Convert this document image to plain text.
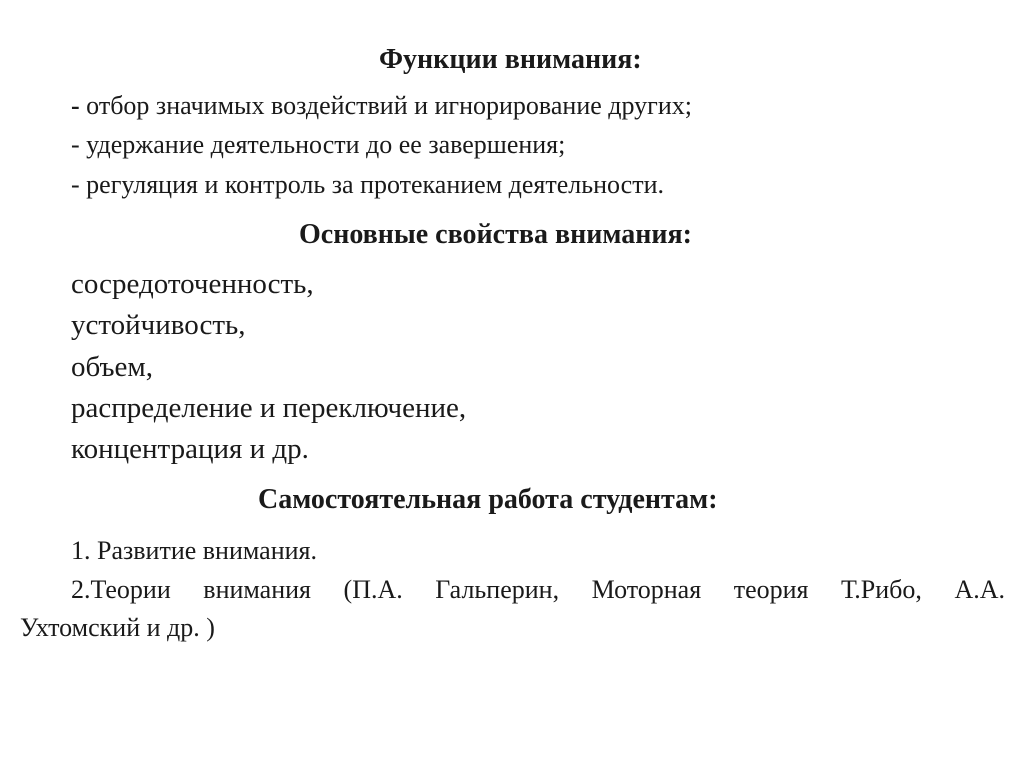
Функции внимания:
- отбор значимых воздействий и игнорирование других;
- удержание деятельности до ее завершения;
- регуляция и контроль за протеканием деятельности.
Основные свойства внимания:
сосредоточенность,
устойчивость,
объем,
распределение и переключение,
концентрация и др.
Самостоятельная работа студентам:
1. Развитие внимания.
2.Теории внимания (П.А. Гальперин, Моторная теория Т.Рибо, А.А.
Ухтомский и др. )
